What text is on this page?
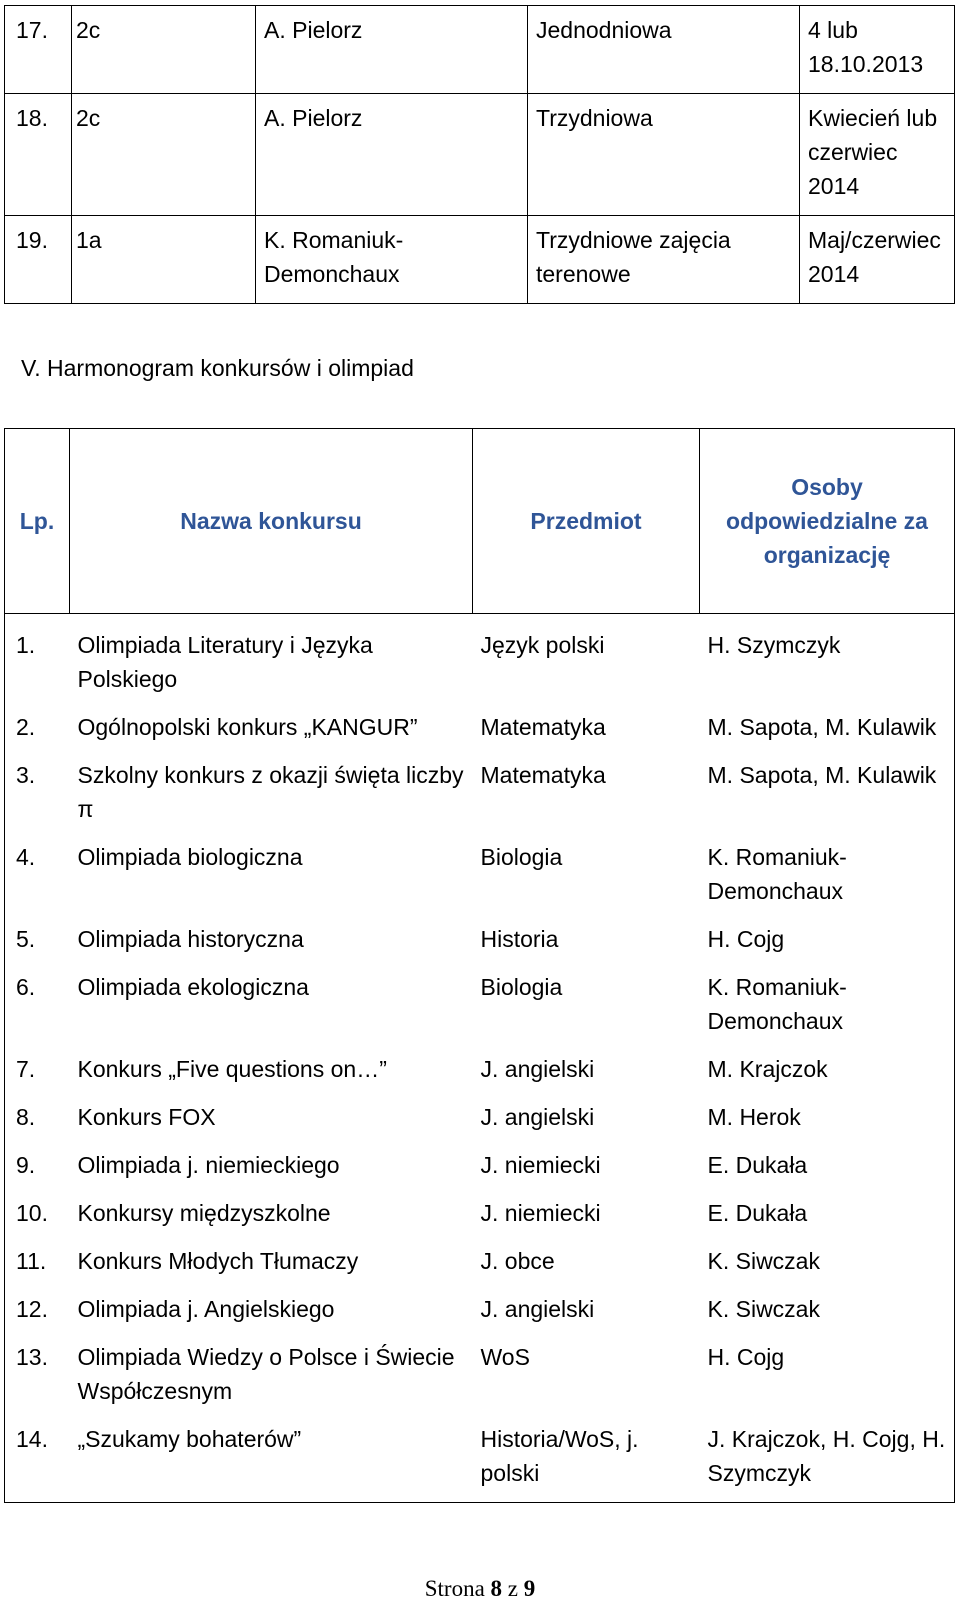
17.	2c	A. Pielorz	Jednodniowa	4 lub 18.10.2013
18.	2c	A. Pielorz	Trzydniowa	Kwiecień lub czerwiec 2014
19.	1a	K. Romaniuk-Demonchaux	Trzydniowe zajęcia terenowe	Maj/czerwiec 2014

V. Harmonogram konkursów i olimpiad

Lp.	Nazwa konkursu	Przedmiot	Osoby odpowiedzialne za organizację
1.	Olimpiada Literatury i Języka Polskiego	Język polski	H. Szymczyk
2.	Ogólnopolski konkurs „KANGUR”	Matematyka	M. Sapota, M. Kulawik
3.	Szkolny konkurs z okazji święta liczby π	Matematyka	M. Sapota, M. Kulawik
4.	Olimpiada biologiczna	Biologia	K. Romaniuk-Demonchaux
5.	Olimpiada historyczna	Historia	H. Cojg
6.	Olimpiada ekologiczna	Biologia	K. Romaniuk-Demonchaux
7.	Konkurs „Five questions on…”	J. angielski	M. Krajczok
8.	Konkurs FOX	J. angielski	M. Herok
9.	Olimpiada j. niemieckiego	J. niemiecki	E. Dukała
10.	Konkursy międzyszkolne	J. niemiecki	E. Dukała
11.	Konkurs Młodych Tłumaczy	J. obce	K. Siwczak
12.	Olimpiada j. Angielskiego	J. angielski	K. Siwczak
13.	Olimpiada Wiedzy o Polsce i Świecie Współczesnym	WoS	H. Cojg
14.	„Szukamy bohaterów”	Historia/WoS, j. polski	J. Krajczok, H. Cojg, H. Szymczyk
Strona 8 z 9
